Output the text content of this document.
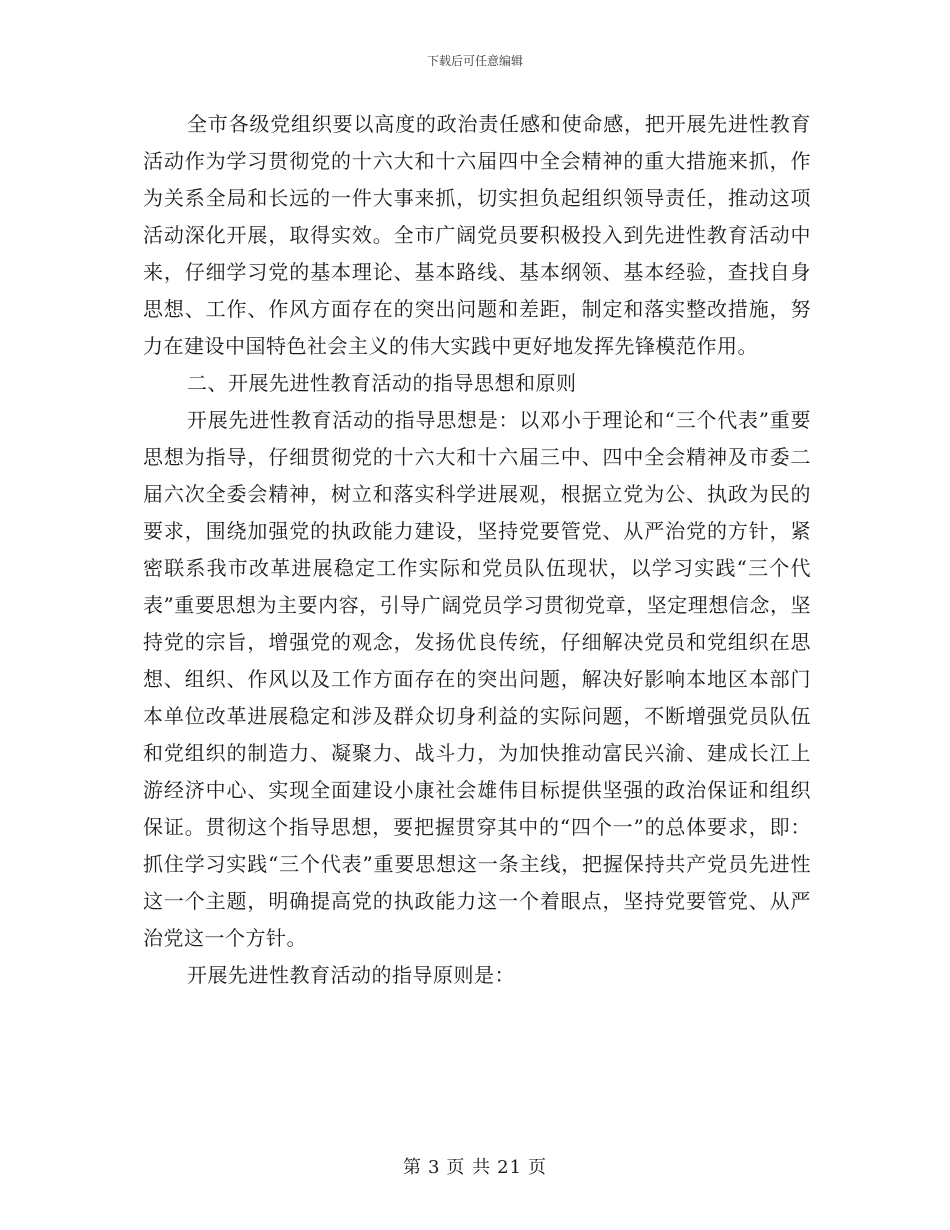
下载后可任意编辑

全市各级党组织要以高度的政治责任感和使命感，把开展先进性教育活动作为学习贯彻党的十六大和十六届四中全会精神的重大措施来抓，作为关系全局和长远的一件大事来抓，切实担负起组织领导责任，推动这项活动深化开展，取得实效。全市广阔党员要积极投入到先进性教育活动中来，仔细学习党的基本理论、基本路线、基本纲领、基本经验，查找自身思想、工作、作风方面存在的突出问题和差距，制定和落实整改措施，努力在建设中国特色社会主义的伟大实践中更好地发挥先锋模范作用。

二、开展先进性教育活动的指导思想和原则

开展先进性教育活动的指导思想是：以邓小于理论和“三个代表”重要思想为指导，仔细贯彻党的十六大和十六届三中、四中全会精神及市委二届六次全委会精神，树立和落实科学进展观，根据立党为公、执政为民的要求，围绕加强党的执政能力建设，坚持党要管党、从严治党的方针，紧密联系我市改革进展稳定工作实际和党员队伍现状，以学习实践“三个代表”重要思想为主要内容，引导广阔党员学习贯彻党章，坚定理想信念，坚持党的宗旨，增强党的观念，发扬优良传统，仔细解决党员和党组织在思想、组织、作风以及工作方面存在的突出问题，解决好影响本地区本部门本单位改革进展稳定和涉及群众切身利益的实际问题，不断增强党员队伍和党组织的制造力、凝聚力、战斗力，为加快推动富民兴渝、建成长江上游经济中心、实现全面建设小康社会雄伟目标提供坚强的政治保证和组织保证。贯彻这个指导思想，要把握贯穿其中的“四个一”的总体要求，即：抓住学习实践“三个代表”重要思想这一条主线，把握保持共产党员先进性这一个主题，明确提高党的执政能力这一个着眼点，坚持党要管党、从严治党这一个方针。

开展先进性教育活动的指导原则是：

第 3 页 共 21 页
